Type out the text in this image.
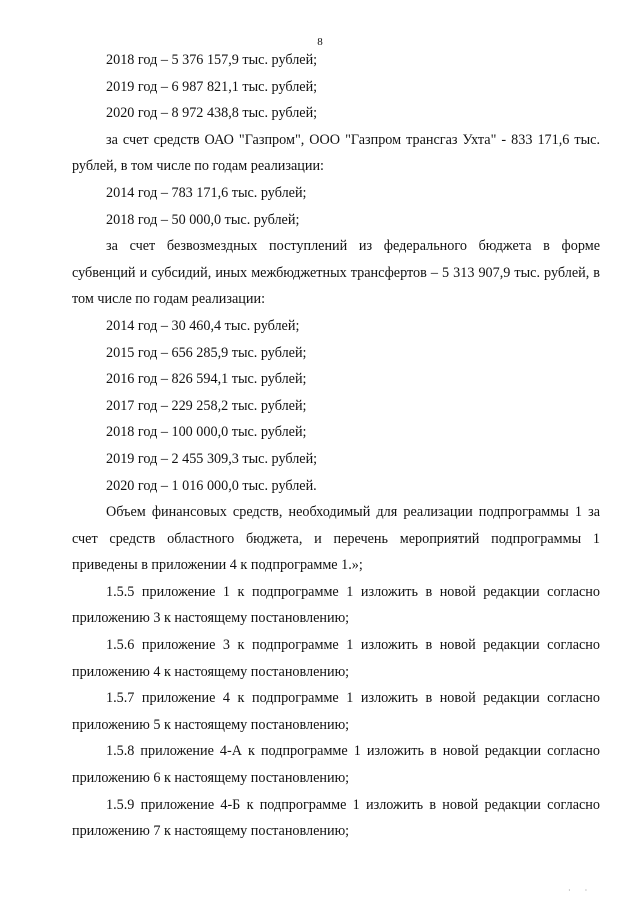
8

2018 год – 5 376 157,9 тыс. рублей;

2019 год – 6 987 821,1 тыс. рублей;

2020 год – 8 972 438,8 тыс. рублей;

за счет средств ОАО "Газпром", ООО "Газпром трансгаз Ухта" - 833 171,6 тыс. рублей, в том числе по годам реализации:

2014 год – 783 171,6 тыс. рублей;

2018 год – 50 000,0 тыс. рублей;

за счет безвозмездных поступлений из федерального бюджета в форме субвенций и субсидий, иных межбюджетных трансфертов – 5 313 907,9 тыс. рублей, в том числе по годам реализации:

2014 год – 30 460,4 тыс. рублей;

2015 год – 656 285,9 тыс. рублей;

2016 год – 826 594,1 тыс. рублей;

2017 год – 229 258,2 тыс. рублей;

2018 год – 100 000,0 тыс. рублей;

2019 год – 2 455 309,3 тыс. рублей;

2020 год – 1 016 000,0 тыс. рублей.

Объем финансовых средств, необходимый для реализации подпрограммы 1 за счет средств областного бюджета, и перечень мероприятий подпрограммы 1 приведены в приложении 4 к подпрограмме 1.»;

1.5.5 приложение 1 к подпрограмме 1 изложить в новой редакции согласно приложению 3 к настоящему постановлению;

1.5.6 приложение 3 к подпрограмме 1 изложить в новой редакции согласно приложению 4 к настоящему постановлению;

1.5.7 приложение 4 к подпрограмме 1 изложить в новой редакции согласно приложению 5 к настоящему постановлению;

1.5.8 приложение 4-А к подпрограмме 1 изложить в новой редакции согласно приложению 6 к настоящему постановлению;

1.5.9 приложение 4-Б к подпрограмме 1 изложить в новой редакции согласно приложению 7 к настоящему постановлению;

· ·
